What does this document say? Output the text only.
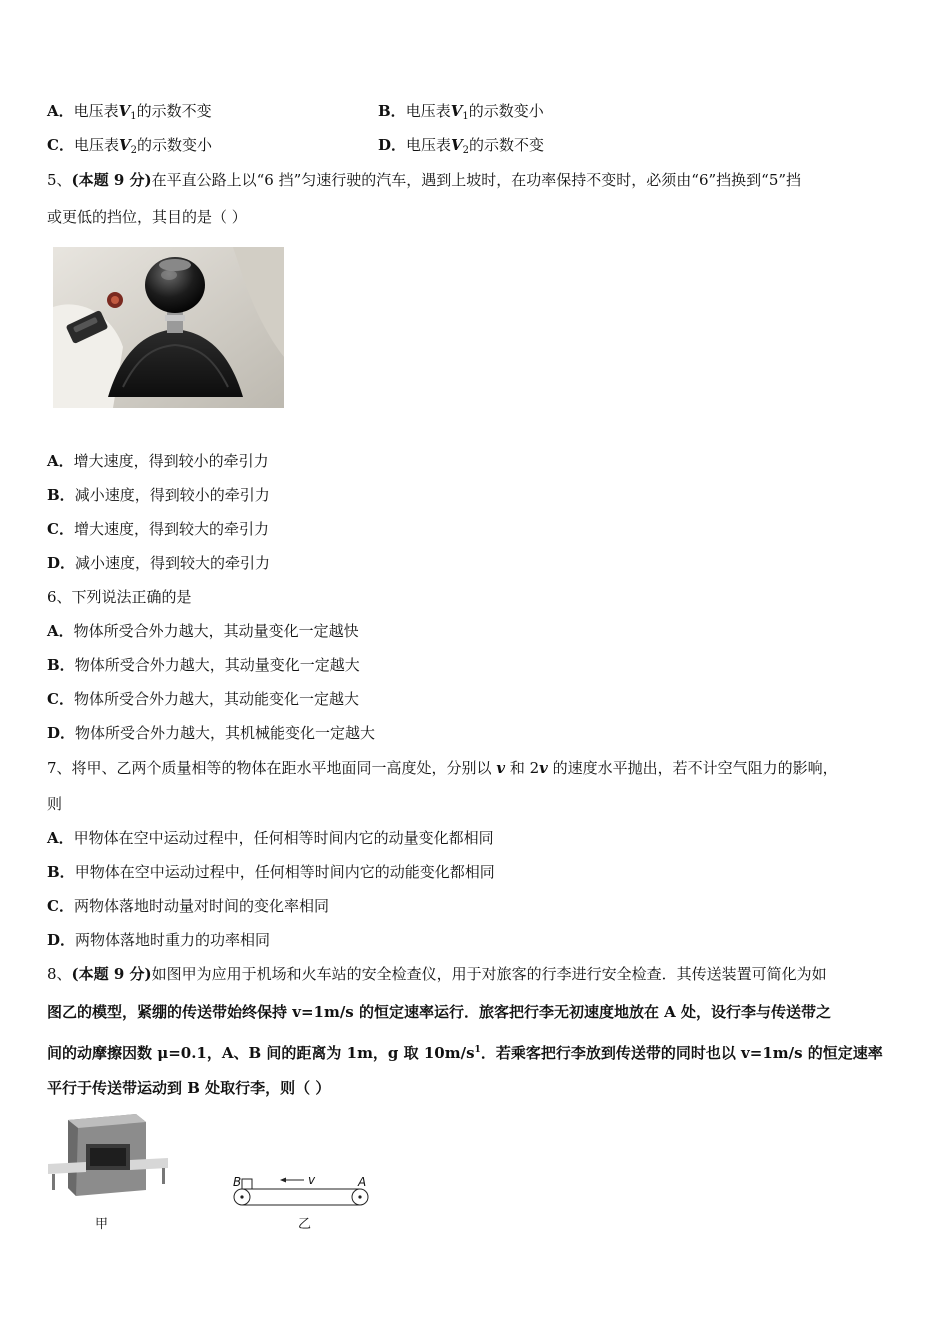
A．电压表$V_1$的示数不变	B．电压表$V_1$的示数变小
C．电压表$V_2$的示数变小	D．电压表$V_2$的示数不变
5、(本题 9 分)在平直公路上以“6 挡”匀速行驶的汽车，遇到上坡时，在功率保持不变时，必须由“6”挡换到“5”挡
或更低的挡位，其目的是（ ）
A．增大速度，得到较小的牵引力
B．减小速度，得到较小的牵引力
C．增大速度，得到较大的牵引力
D．减小速度，得到较大的牵引力
6、下列说法正确的是
A．物体所受合外力越大，其动量变化一定越快
B．物体所受合外力越大，其动量变化一定越大
C．物体所受合外力越大，其动能变化一定越大
D．物体所受合外力越大，其机械能变化一定越大
7、将甲、乙两个质量相等的物体在距水平地面同一高度处，分别以 v 和 2v 的速度水平抛出，若不计空气阻力的影响，
则
A．甲物体在空中运动过程中，任何相等时间内它的动量变化都相同
B．甲物体在空中运动过程中，任何相等时间内它的动能变化都相同
C．两物体落地时动量对时间的变化率相同
D．两物体落地时重力的功率相同
8、(本题 9 分)如图甲为应用于机场和火车站的安全检查仪，用于对旅客的行李进行安全检查．其传送装置可简化为如
图乙的模型，紧绷的传送带始终保持 v=1m/s 的恒定速率运行．旅客把行李无初速度地放在 A 处，设行李与传送带之
间的动摩擦因数 μ=0.1，A、B 间的距离为 1m，g 取 $10m/s^1$．若乘客把行李放到传送带的同时也以 v=1m/s 的恒定速率
平行于传送带运动到 B 处取行李，则（ ）
甲
B	A
v
乙
